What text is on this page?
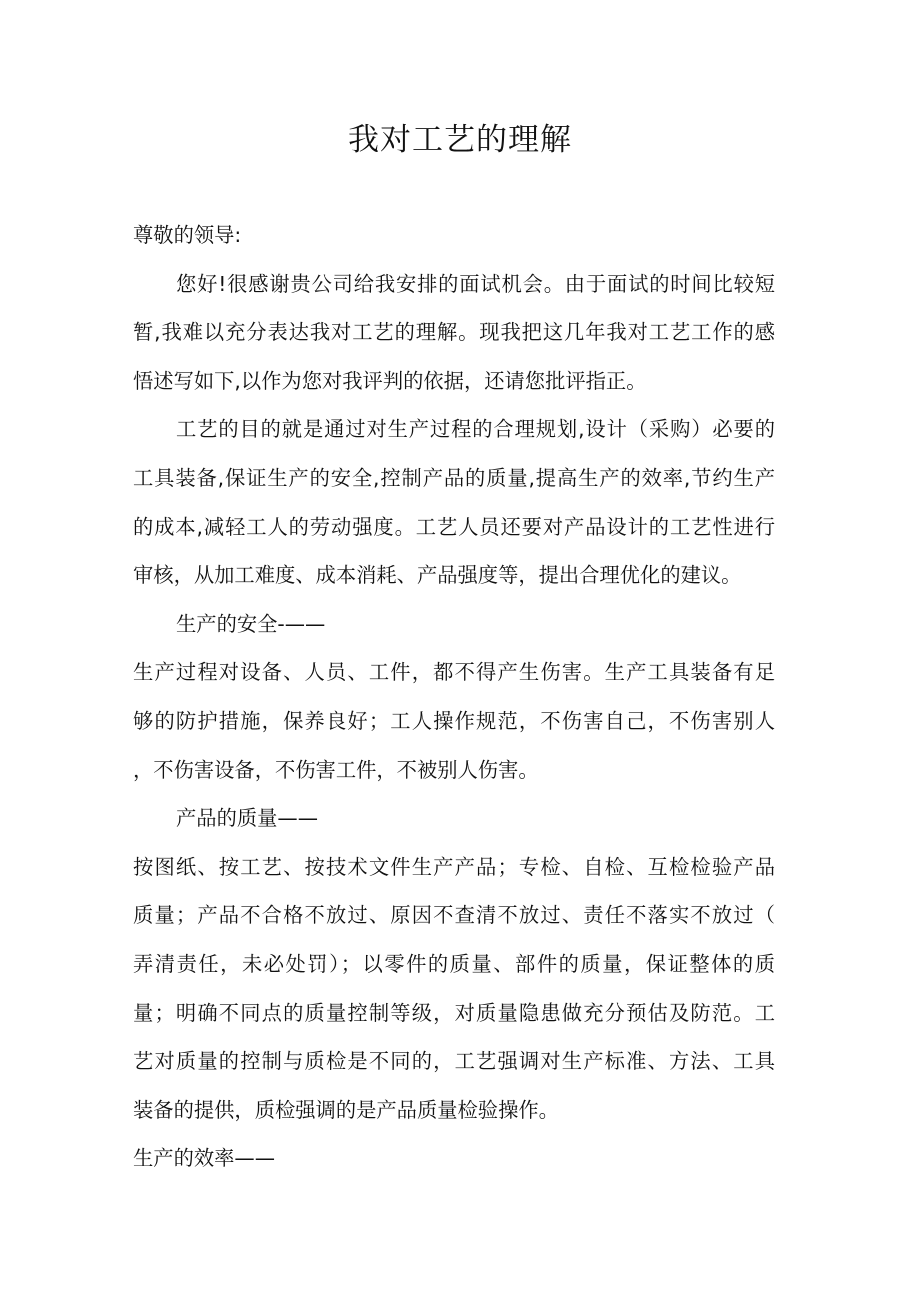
我对工艺的理解
尊敬的领导:
您好!很感谢贵公司给我安排的面试机会。由于面试的时间比较短
暂,我难以充分表达我对工艺的理解。现我把这几年我对工艺工作的感
悟述写如下,以作为您对我评判的依据，还请您批评指正。
工艺的目的就是通过对生产过程的合理规划,设计（采购）必要的
工具装备,保证生产的安全,控制产品的质量,提高生产的效率,节约生产
的成本,减轻工人的劳动强度。工艺人员还要对产品设计的工艺性进行
审核，从加工难度、成本消耗、产品强度等，提出合理优化的建议。
生产的安全-——
生产过程对设备、人员、工件，都不得产生伤害。生产工具装备有足
够的防护措施，保养良好；工人操作规范，不伤害自己，不伤害别人
，不伤害设备，不伤害工件，不被别人伤害。
产品的质量——
按图纸、按工艺、按技术文件生产产品；专检、自检、互检检验产品
质量；产品不合格不放过、原因不查清不放过、责任不落实不放过（
弄清责任，未必处罚）；以零件的质量、部件的质量，保证整体的质
量；明确不同点的质量控制等级，对质量隐患做充分预估及防范。工
艺对质量的控制与质检是不同的，工艺强调对生产标准、方法、工具
装备的提供，质检强调的是产品质量检验操作。
生产的效率——
